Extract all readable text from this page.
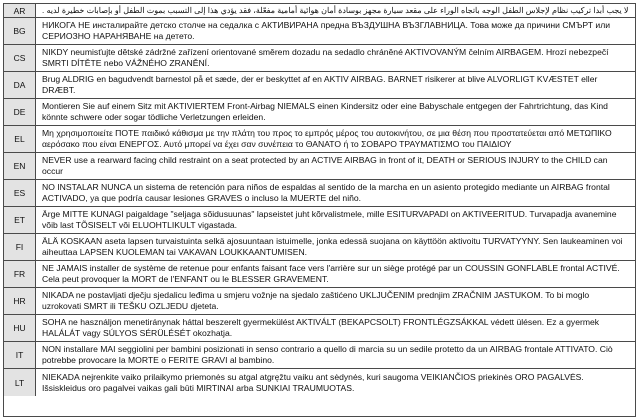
AR	لا يجب أبدا تركيب نظام لإجلاس الطفل الوجه باتجاه الوراء على مقعد سيارة مجهز بوسادة أمان هوائية أمامية مفعّلة، فقد يؤدي هذا إلى التسبب بموت الطفل أو بإصابات خطيرة لديه .
BG
НИКОГА НЕ инсталирайте детско столче на седалка с АКТИВИРАНА предна ВЪЗДУШНА ВЪЗГЛАВНИЦА. Това може да причини СМЪРТ или СЕРИОЗНО НАРАНЯВАНЕ на детето.
CS
NIKDY neumisťujte dětské zádržné zařízení orientované směrem dozadu na sedadlo chráněné AKTIVOVANÝM čelním AIRBAGEM. Hrozí nebezpečí SMRTI DÍTĚTE nebo VÁŽNÉHO ZRANĚNÍ.
DA
Brug ALDRIG en bagudvendt barnestol på et sæde, der er beskyttet af en AKTIV AIRBAG. BARNET risikerer at blive ALVORLIGT KVÆSTET eller DRÆBT.
DE
Montieren Sie auf einem Sitz mit AKTIVIERTEM Front-Airbag NIEMALS einen Kindersitz oder eine Babyschale entgegen der Fahrtrichtung, das Kind könnte schwere oder sogar tödliche Verletzungen erleiden.
EL
Μη χρησιμοποιείτε ΠΟΤΕ παιδικό κάθισμα με την πλάτη του προς το εμπρός μέρος του αυτοκινήτου, σε μια θέση που προστατεύεται από ΜΕΤΩΠΙΚΟ αερόσακο που είναι ΕΝΕΡΓΟΣ. Αυτό μπορεί να έχει σαν συνέπεια το ΘΑΝΑΤΟ ή το ΣΟΒΑΡΟ ΤΡΑΥΜΑΤΙΣΜΟ του ΠΑΙΔΙΟΥ
EN
NEVER use a rearward facing child restraint on a seat protected by an ACTIVE AIRBAG in front of it, DEATH or SERIOUS INJURY to the CHILD can occur
ES
NO INSTALAR NUNCA un sistema de retención para niños de espaldas al sentido de la marcha en un asiento protegido mediante un AIRBAG frontal ACTIVADO, ya que podría causar lesiones GRAVES o incluso la MUERTE del niño.
ET
Ärge MITTE KUNAGI paigaldage "seljaga sõidusuunas" lapseistet juht kõrvalistmele, mille ESITURVAPADI on AKTIVEERITUD. Turvapadja avanemine võib last TÕSISELT või ELUOHTLIKULT vigastada.
FI
ÄLÄ KOSKAAN aseta lapsen turvaistuinta selkä ajosuuntaan istuimelle, jonka edessä suojana on käyttöön aktivoitu TURVATYYNY. Sen laukeaminen voi aiheuttaa LAPSEN KUOLEMAN tai VAKAVAN LOUKKAANTUMISEN.
FR
NE JAMAIS installer de système de retenue pour enfants faisant face vers l'arrière sur un siège protégé par un COUSSIN GONFLABLE frontal ACTIVÉ. Cela peut provoquer la MORT de l'ENFANT ou le BLESSER GRAVEMENT.
HR
NIKADA ne postavljati dječju sjedalicu leđima u smjeru vožnje na sjedalo zaštićeno UKLJUČENIM prednjim ZRAČNIM JASTUKOM. To bi moglo uzrokovati SMRT ili TEŠKU OZLJEDU djeteta.
HU
SOHA ne használjon menetiránynak háttal beszerelt gyermekülést AKTIVÁLT (BEKAPCSOLT) FRONTLÉGZSÁKKAL védett ülésen. Ez a gyermek HALÁLÁT vagy SÚLYOS SÉRÜLÉSÉT okozhatja.
IT
NON installare MAI seggiolini per bambini posizionati in senso contrario a quello di marcia su un sedile protetto da un AIRBAG frontale ATTIVATO. Ciò potrebbe provocare la MORTE o FERITE GRAVI al bambino.
LT
NIEKADA nejrenkite vaiko prilaikymo priemonės su atgal atgręžtu vaiku ant sėdynės, kuri saugoma VEIKIANČIOS priekinės ORO PAGALVĖS. Išsiskleidus oro pagalvei vaikas gali būti MIRTINAI arba SUNKIAI TRAUMUOTAS.
